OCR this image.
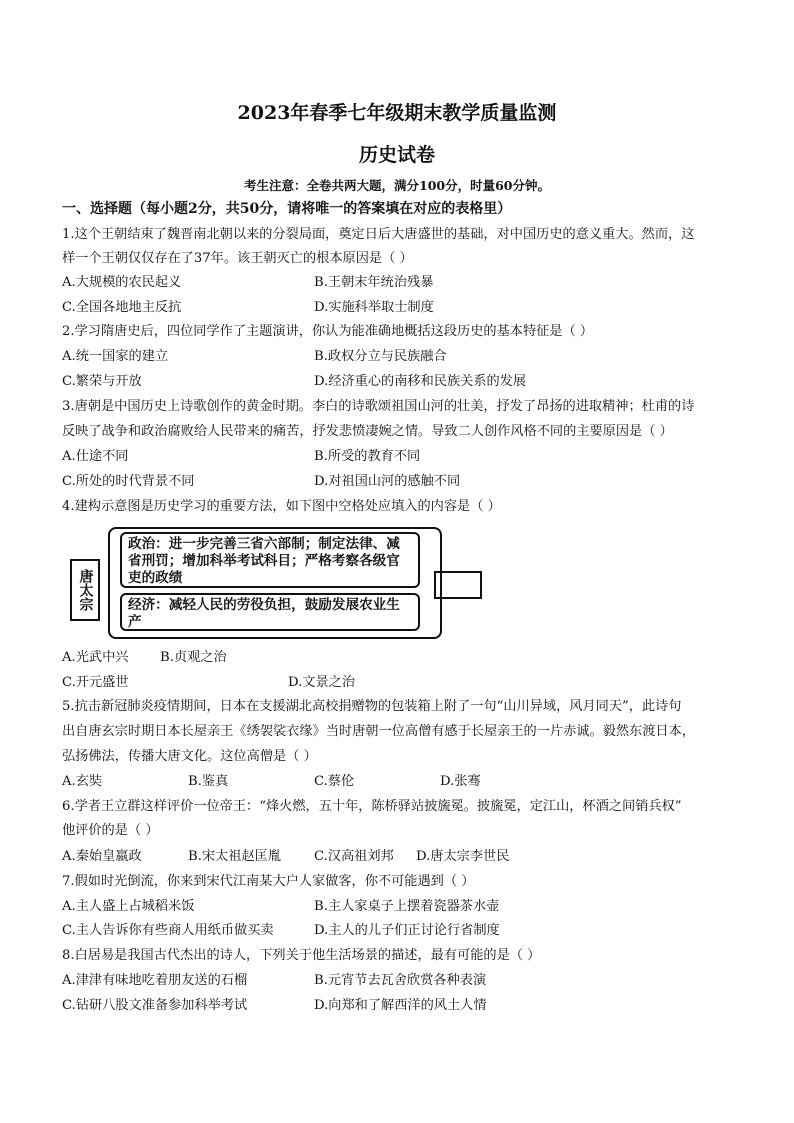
2023年春季七年级期末教学质量监测
历史试卷
考生注意：全卷共两大题，满分100分，时量60分钟。
一、选择题（每小题2分，共50分，请将唯一的答案填在对应的表格里）
1.这个王朝结束了魏晋南北朝以来的分裂局面，奠定日后大唐盛世的基础，对中国历史的意义重大。然而，这
样一个王朝仅仅存在了37年。该王朝灭亡的根本原因是（ ）
A.大规模的农民起义	B.王朝末年统治残暴
C.全国各地地主反抗	D.实施科举取士制度
2.学习隋唐史后，四位同学作了主题演讲，你认为能准确地概括这段历史的基本特征是（ ）
A.统一国家的建立	B.政权分立与民族融合
C.繁荣与开放	D.经济重心的南移和民族关系的发展
3.唐朝是中国历史上诗歌创作的黄金时期。李白的诗歌颂祖国山河的壮美，抒发了昂扬的进取精神；杜甫的诗
反映了战争和政治腐败给人民带来的痛苦，抒发悲愤凄婉之情。导致二人创作风格不同的主要原因是（ ）
A.仕途不同	B.所受的教育不同
C.所处的时代背景不同	D.对祖国山河的感触不同
4.建构示意图是历史学习的重要方法，如下图中空格处应填入的内容是（ ）
唐太宗
政治：进一步完善三省六部制；制定法律、减省刑罚；增加科举考试科目；严格考察各级官吏的政绩
经济：减轻人民的劳役负担，鼓励发展农业生产
A.光武中兴 B.贞观之治
C.开元盛世	D.文景之治
5.抗击新冠肺炎疫情期间，日本在支援湖北高校捐赠物的包装箱上附了一句“山川异域，风月同天”，此诗句
出自唐玄宗时期日本长屋亲王《绣袈裟衣缘》当时唐朝一位高僧有感于长屋亲王的一片赤诚。毅然东渡日本，
弘扬佛法，传播大唐文化。这位高僧是（ ）
A.玄奘	B.鉴真	C.蔡伦	D.张骞
6.学者王立群这样评价一位帝王：“烽火燃，五十年，陈桥驿站披旒冕。披旒冕，定江山，杯酒之间销兵权”
他评价的是（ ）
A.秦始皇嬴政	B.宋太祖赵匡胤 C.汉高祖刘邦 D.唐太宗李世民
7.假如时光倒流，你来到宋代江南某大户人家做客，你不可能遇到（ ）
A.主人盛上占城稻米饭	B.主人家桌子上摆着瓷器茶水壶
C.主人告诉你有些商人用纸币做买卖	D.主人的儿子们正讨论行省制度
8.白居易是我国古代杰出的诗人，下列关于他生活场景的描述，最有可能的是（ ）
A.津津有味地吃着朋友送的石榴	B.元宵节去瓦舍欣赏各种表演
C.钻研八股文准备参加科举考试	D.向郑和了解西洋的风土人情
